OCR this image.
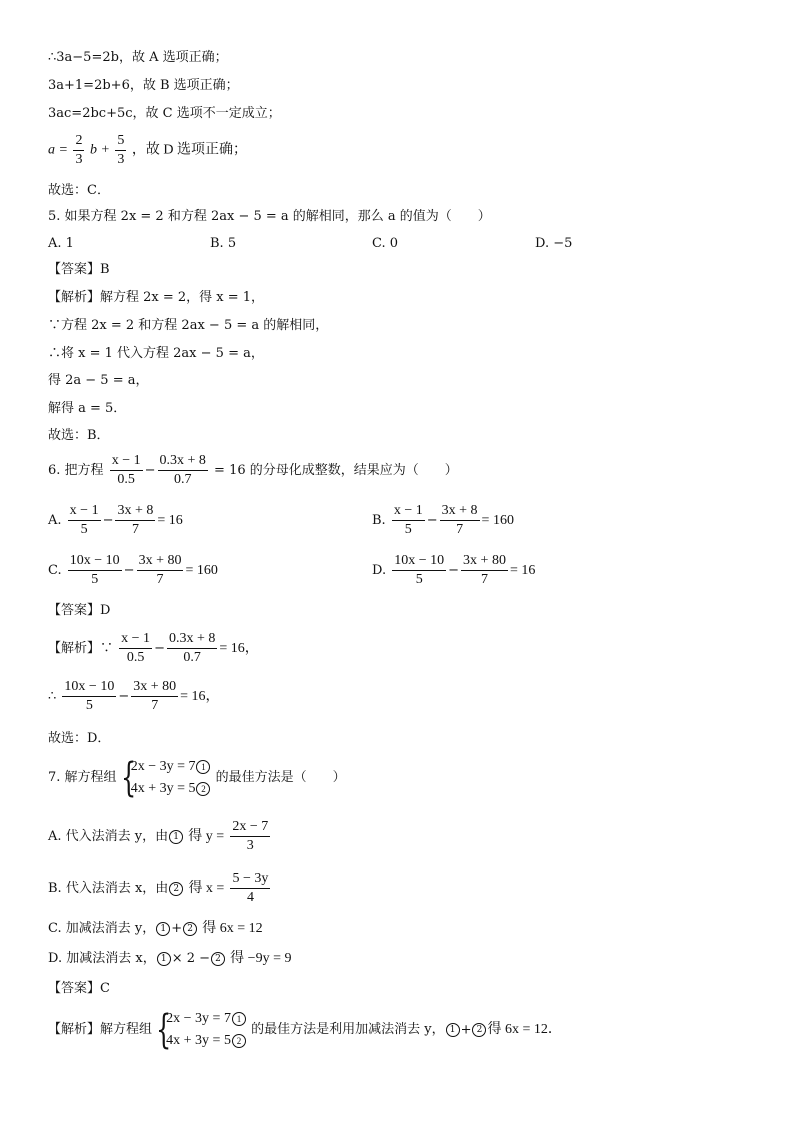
∴3a−5=2b，故 A 选项正确；
3a+1=2b+6，故 B 选项正确；
3ac=2bc+5c，故 C 选项不一定成立；
$a = \frac{2}{3}$ $b + \frac{5}{3}$ ，故 D 选项正确；
故选：C．
5. 如果方程 2x = 2 和方程 2ax − 5 = a 的解相同，那么 a 的值为（　　）
A. 1	B. 5	C. 0	D. −5
【答案】B
【解析】解方程 2x = 2，得 x = 1，
∵方程 2x = 2 和方程 2ax − 5 = a 的解相同，
∴将 x = 1 代入方程 2ax − 5 = a，
得 2a − 5 = a，
解得 a = 5．
故选：B．
6. 把方程 $\frac{x - 1}{0.5} - \frac{0.3x + 8}{0.7} = 16$ 的分母化成整数，结果应为（　　）
A. $\frac{x - 1}{5} - \frac{3x + 8}{7} = 16$	B. $\frac{x - 1}{5} - \frac{3x + 8}{7} = 160$
C. $\frac{10x - 10}{5} - \frac{3x + 80}{7} = 160$	D. $\frac{10x - 10}{5} - \frac{3x + 80}{7} = 16$
【答案】D
【解析】∵ $\frac{x - 1}{0.5} - \frac{0.3x + 8}{0.7} = 16$，
∴ $\frac{10x - 10}{5} - \frac{3x + 80}{7} = 16$，
故选：D．
7. 解方程组 {
2x − 3y = 7 1
4x + 3y = 5 2
的最佳方法是（　　）
A. 代入法消去 y，由 1 得 $y = \frac{2x - 7}{3}$
B. 代入法消去 x，由 2 得 $x = \frac{5 - 3y}{4}$
C. 加减法消去 y， 1 + 2 得 6x = 12
D. 加减法消去 x， 1 × 2 − 2 得 −9y = 9
【答案】C
【解析】解方程组 {
2x − 3y = 7 1
4x + 3y = 5 2
的最佳方法是利用加减法消去 y， 1 + 2 得 6x = 12．
